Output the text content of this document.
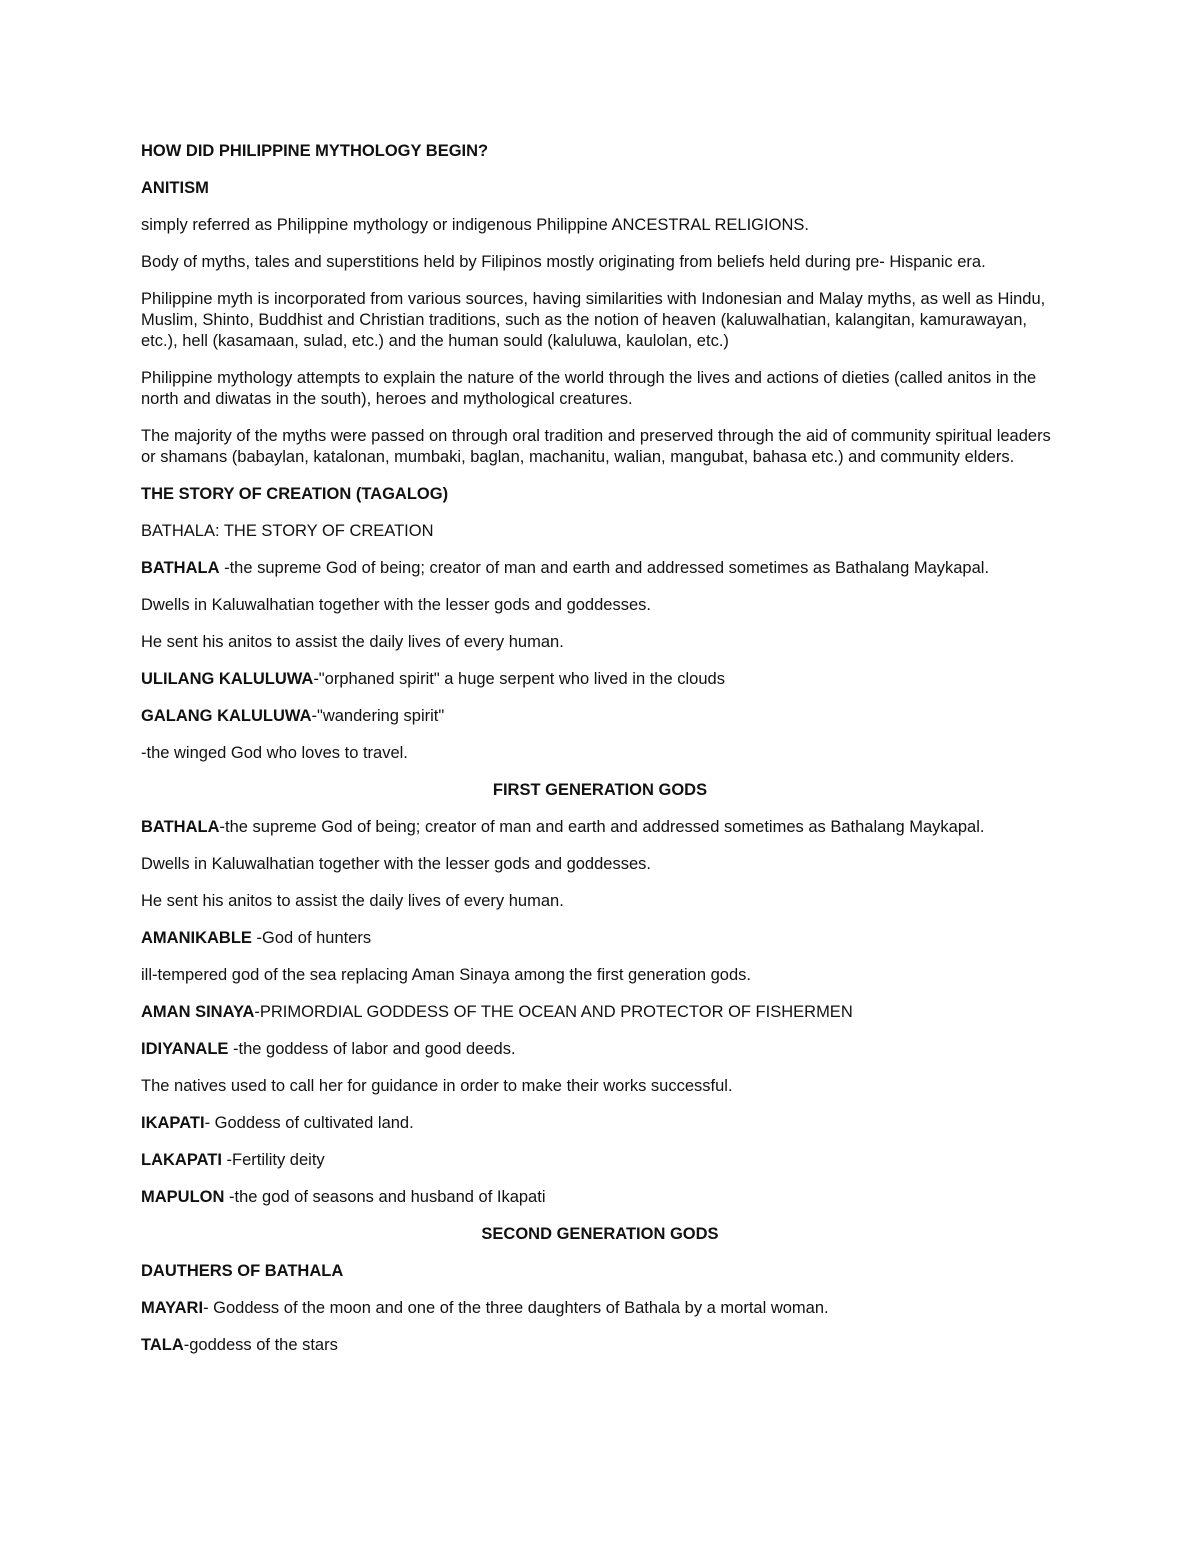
HOW DID PHILIPPINE MYTHOLOGY BEGIN?
ANITISM
simply referred as Philippine mythology or indigenous Philippine ANCESTRAL RELIGIONS.
Body of myths, tales and superstitions held by Filipinos mostly originating from beliefs held during pre- Hispanic era.
Philippine myth is incorporated from various sources, having similarities with Indonesian and Malay myths, as well as Hindu, Muslim, Shinto, Buddhist and Christian traditions, such as the notion of heaven (kaluwalhatian, kalangitan, kamurawayan, etc.), hell (kasamaan, sulad, etc.) and the human sould (kaluluwa, kaulolan, etc.)
Philippine mythology attempts to explain the nature of the world through the lives and actions of dieties (called anitos in the north and diwatas in the south), heroes and mythological creatures.
The majority of the myths were passed on through oral tradition and preserved through the aid of community spiritual leaders or shamans (babaylan, katalonan, mumbaki, baglan, machanitu, walian, mangubat, bahasa etc.) and community elders.
THE STORY OF CREATION (TAGALOG)
BATHALA: THE STORY OF CREATION
BATHALA -the supreme God of being; creator of man and earth and addressed sometimes as Bathalang Maykapal.
Dwells in Kaluwalhatian together with the lesser gods and goddesses.
He sent his anitos to assist the daily lives of every human.
ULILANG KALULUWA-"orphaned spirit" a huge serpent who lived in the clouds
GALANG KALULUWA-"wandering spirit"
-the winged God who loves to travel.
FIRST GENERATION GODS
BATHALA-the supreme God of being; creator of man and earth and addressed sometimes as Bathalang Maykapal.
Dwells in Kaluwalhatian together with the lesser gods and goddesses.
He sent his anitos to assist the daily lives of every human.
AMANIKABLE -God of hunters
ill-tempered god of the sea replacing Aman Sinaya among the first generation gods.
AMAN SINAYA-PRIMORDIAL GODDESS OF THE OCEAN AND PROTECTOR OF FISHERMEN
IDIYANALE -the goddess of labor and good deeds.
The natives used to call her for guidance in order to make their works successful.
IKAPATI- Goddess of cultivated land.
LAKAPATI -Fertility deity
MAPULON -the god of seasons and husband of Ikapati
SECOND GENERATION GODS
DAUTHERS OF BATHALA
MAYARI- Goddess of the moon and one of the three daughters of Bathala by a mortal woman.
TALA-goddess of the stars
